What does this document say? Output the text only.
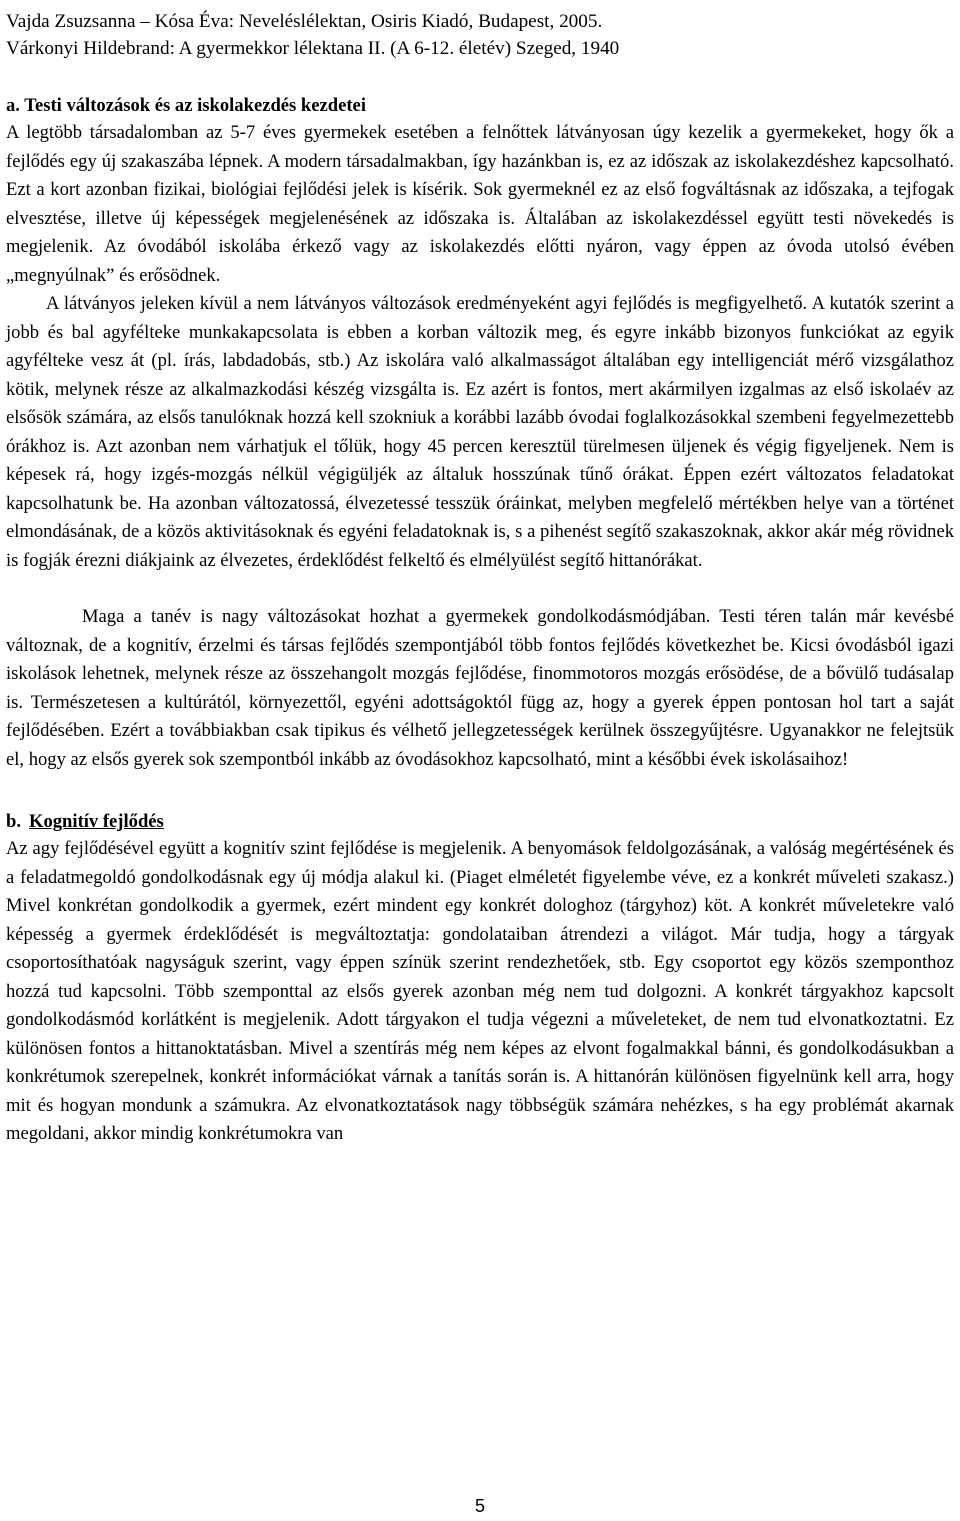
Vajda Zsuzsanna – Kósa Éva: Neveléslélektan, Osiris Kiadó, Budapest, 2005.
Várkonyi Hildebrand: A gyermekkor lélektana II. (A 6-12. életév) Szeged, 1940
a. Testi változások és az iskolakezdés kezdetei

A legtöbb társadalomban az 5-7 éves gyermekek esetében a felnőttek látványosan úgy kezelik a gyermekeket, hogy ők a fejlődés egy új szakaszába lépnek. A modern társadalmakban, így hazánkban is, ez az időszak az iskolakezdéshez kapcsolható. Ezt a kort azonban fizikai, biológiai fejlődési jelek is kísérik. Sok gyermeknél ez az első fogváltásnak az időszaka, a tejfogak elvesztése, illetve új képességek megjelenésének az időszaka is. Általában az iskolakezdéssel együtt testi növekedés is megjelenik. Az óvodából iskolába érkező vagy az iskolakezdés előtti nyáron, vagy éppen az óvoda utolsó évében „megnyúlnak” és erősödnek.

A látványos jeleken kívül a nem látványos változások eredményeként agyi fejlődés is megfigyelhető. A kutatók szerint a jobb és bal agyfélteke munkakapcsolata is ebben a korban változik meg, és egyre inkább bizonyos funkciókat az egyik agyfélteke vesz át (pl. írás, labdadobás, stb.) Az iskolára való alkalmasságot általában egy intelligenciát mérő vizsgálathoz kötik, melynek része az alkalmazkodási készég vizsgálta is. Ez azért is fontos, mert akármilyen izgalmas az első iskolaév az elsősök számára, az elsős tanulóknak hozzá kell szokniuk a korábbi lazább óvodai foglalkozásokkal szembeni fegyelmezettebb órákhoz is. Azt azonban nem várhatjuk el tőlük, hogy 45 percen keresztül türelmesen üljenek és végig figyeljenek. Nem is képesek rá, hogy izgés-mozgás nélkül végigüljék az általuk hosszúnak tűnő órákat. Éppen ezért változatos feladatokat kapcsolhatunk be. Ha azonban változatossá, élvezetessé tesszük óráinkat, melyben megfelelő mértékben helye van a történet elmondásának, de a közös aktivitásoknak és egyéni feladatoknak is, s a pihenést segítő szakaszoknak, akkor akár még rövidnek is fogják érezni diákjaink az élvezetes, érdeklődést felkeltő és elmélyülést segítő hittanórákat.

Maga a tanév is nagy változásokat hozhat a gyermekek gondolkodásmódjában. Testi téren talán már kevésbé változnak, de a kognitív, érzelmi és társas fejlődés szempontjából több fontos fejlődés következhet be. Kicsi óvodásból igazi iskolások lehetnek, melynek része az összehangolt mozgás fejlődése, finommotoros mozgás erősödése, de a bővülő tudásalap is. Természetesen a kultúrától, környezettől, egyéni adottságoktól függ az, hogy a gyerek éppen pontosan hol tart a saját fejlődésében. Ezért a továbbiakban csak tipikus és vélhető jellegzetességek kerülnek összegyűjtésre. Ugyanakkor ne felejtsük el, hogy az elsős gyerek sok szempontból inkább az óvodásokhoz kapcsolható, mint a későbbi évek iskolásaihoz!

b. Kognitív fejlődés

Az agy fejlődésével együtt a kognitív szint fejlődése is megjelenik. A benyomások feldolgozásának, a valóság megértésének és a feladatmegoldó gondolkodásnak egy új módja alakul ki. (Piaget elméletét figyelembe véve, ez a konkrét műveleti szakasz.) Mivel konkrétan gondolkodik a gyermek, ezért mindent egy konkrét dologhoz (tárgyhoz) köt. A konkrét műveletekre való képesség a gyermek érdeklődését is megváltoztatja: gondolataiban átrendezi a világot. Már tudja, hogy a tárgyak csoportosíthatóak nagyságuk szerint, vagy éppen színük szerint rendezhetőek, stb. Egy csoportot egy közös szemponthoz hozzá tud kapcsolni. Több szemponttal az elsős gyerek azonban még nem tud dolgozni. A konkrét tárgyakhoz kapcsolt gondolkodásmód korlátként is megjelenik. Adott tárgyakon el tudja végezni a műveleteket, de nem tud elvonatkoztatni. Ez különösen fontos a hittanoktatásban. Mivel a szentírás még nem képes az elvont fogalmakkal bánni, és gondolkodásukban a konkrétumok szerepelnek, konkrét információkat várnak a tanítás során is. A hittanórán különösen figyelnünk kell arra, hogy mit és hogyan mondunk a számukra. Az elvonatkoztatások nagy többségük számára nehézkes, s ha egy problémát akarnak megoldani, akkor mindig konkrétumokra van

5
